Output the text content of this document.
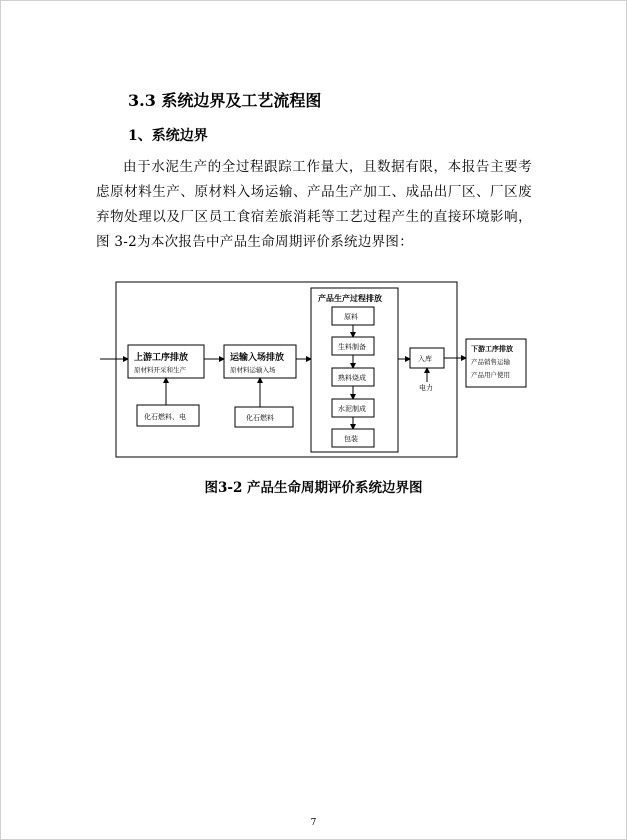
3.3 系统边界及工艺流程图
1、系统边界
由于水泥生产的全过程跟踪工作量大，且数据有限，本报告主要考虑原材料生产、原材料入场运输、产品生产加工、成品出厂区、厂区废弃物处理以及厂区员工食宿差旅消耗等工艺过程产生的直接环境影响，图 3-2为本次报告中产品生命周期评价系统边界图：
上游工序排放
原材料开采和生产
运输入场排放
原材料运输入场
化石燃料、电	化石燃料
产品生产过程排放
原料
生料制备
熟料烧成
水泥制成
包装
入库
电力
下游工序排放
产品销售运输
产品用户使用
图3-2 产品生命周期评价系统边界图
7
